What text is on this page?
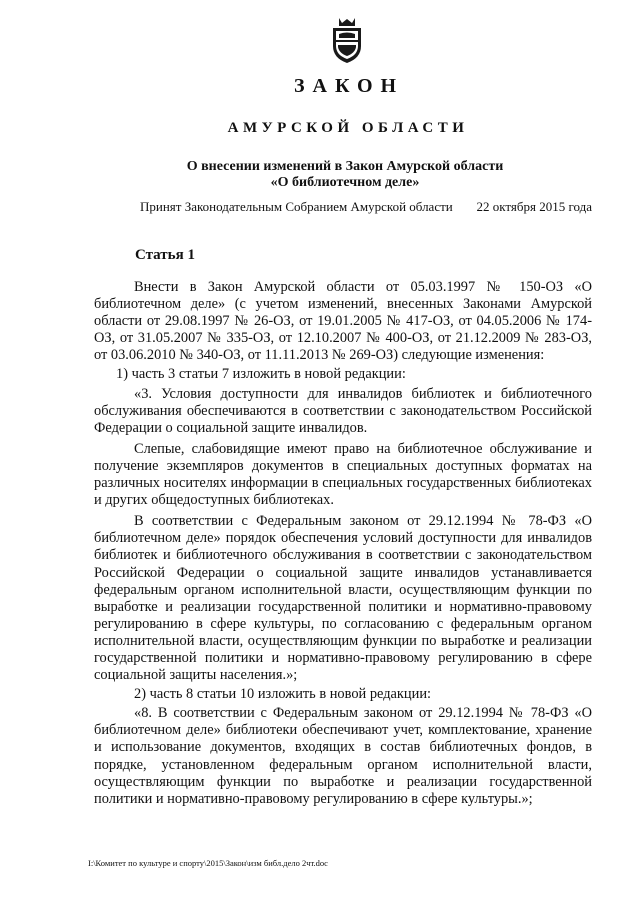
ЗАКОН
АМУРСКОЙ ОБЛАСТИ
О внесении изменений в Закон Амурской области
«О библиотечном деле»
Принят Законодательным Собранием Амурской области 22 октября 2015 года
Статья 1

Внести в Закон Амурской области от 05.03.1997 № 150-ОЗ «О библиотечном деле» (с учетом изменений, внесенных Законами Амурской области от 29.08.1997 № 26-ОЗ, от 19.01.2005 № 417-ОЗ, от 04.05.2006 № 174-ОЗ, от 31.05.2007 № 335-ОЗ, от 12.10.2007 № 400-ОЗ, от 21.12.2009 № 283-ОЗ, от 03.06.2010 № 340-ОЗ, от 11.11.2013 № 269-ОЗ) следующие изменения:

1) часть 3 статьи 7 изложить в новой редакции:

«3. Условия доступности для инвалидов библиотек и библиотечного обслуживания обеспечиваются в соответствии с законодательством Российской Федерации о социальной защите инвалидов.

Слепые, слабовидящие имеют право на библиотечное обслуживание и получение экземпляров документов в специальных доступных форматах на различных носителях информации в специальных государственных библиотеках и других общедоступных библиотеках.

В соответствии с Федеральным законом от 29.12.1994 № 78-ФЗ «О библиотечном деле» порядок обеспечения условий доступности для инвалидов библиотек и библиотечного обслуживания в соответствии с законодательством Российской Федерации о социальной защите инвалидов устанавливается федеральным органом исполнительной власти, осуществляющим функции по выработке и реализации государственной политики и нормативно-правовому регулированию в сфере культуры, по согласованию с федеральным органом исполнительной власти, осуществляющим функции по выработке и реализации государственной политики и нормативно-правовому регулированию в сфере социальной защиты населения.»;

2) часть 8 статьи 10 изложить в новой редакции:

«8. В соответствии с Федеральным законом от 29.12.1994 № 78-ФЗ «О библиотечном деле» библиотеки обеспечивают учет, комплектование, хранение и использование документов, входящих в состав библиотечных фондов, в порядке, установленном федеральным органом исполнительной власти, осуществляющим функции по выработке и реализации государственной политики и нормативно-правовому регулированию в сфере культуры.»;

I:\Комитет по культуре и спорту\2015\Закон\изм библ.дело 2чт.doc
